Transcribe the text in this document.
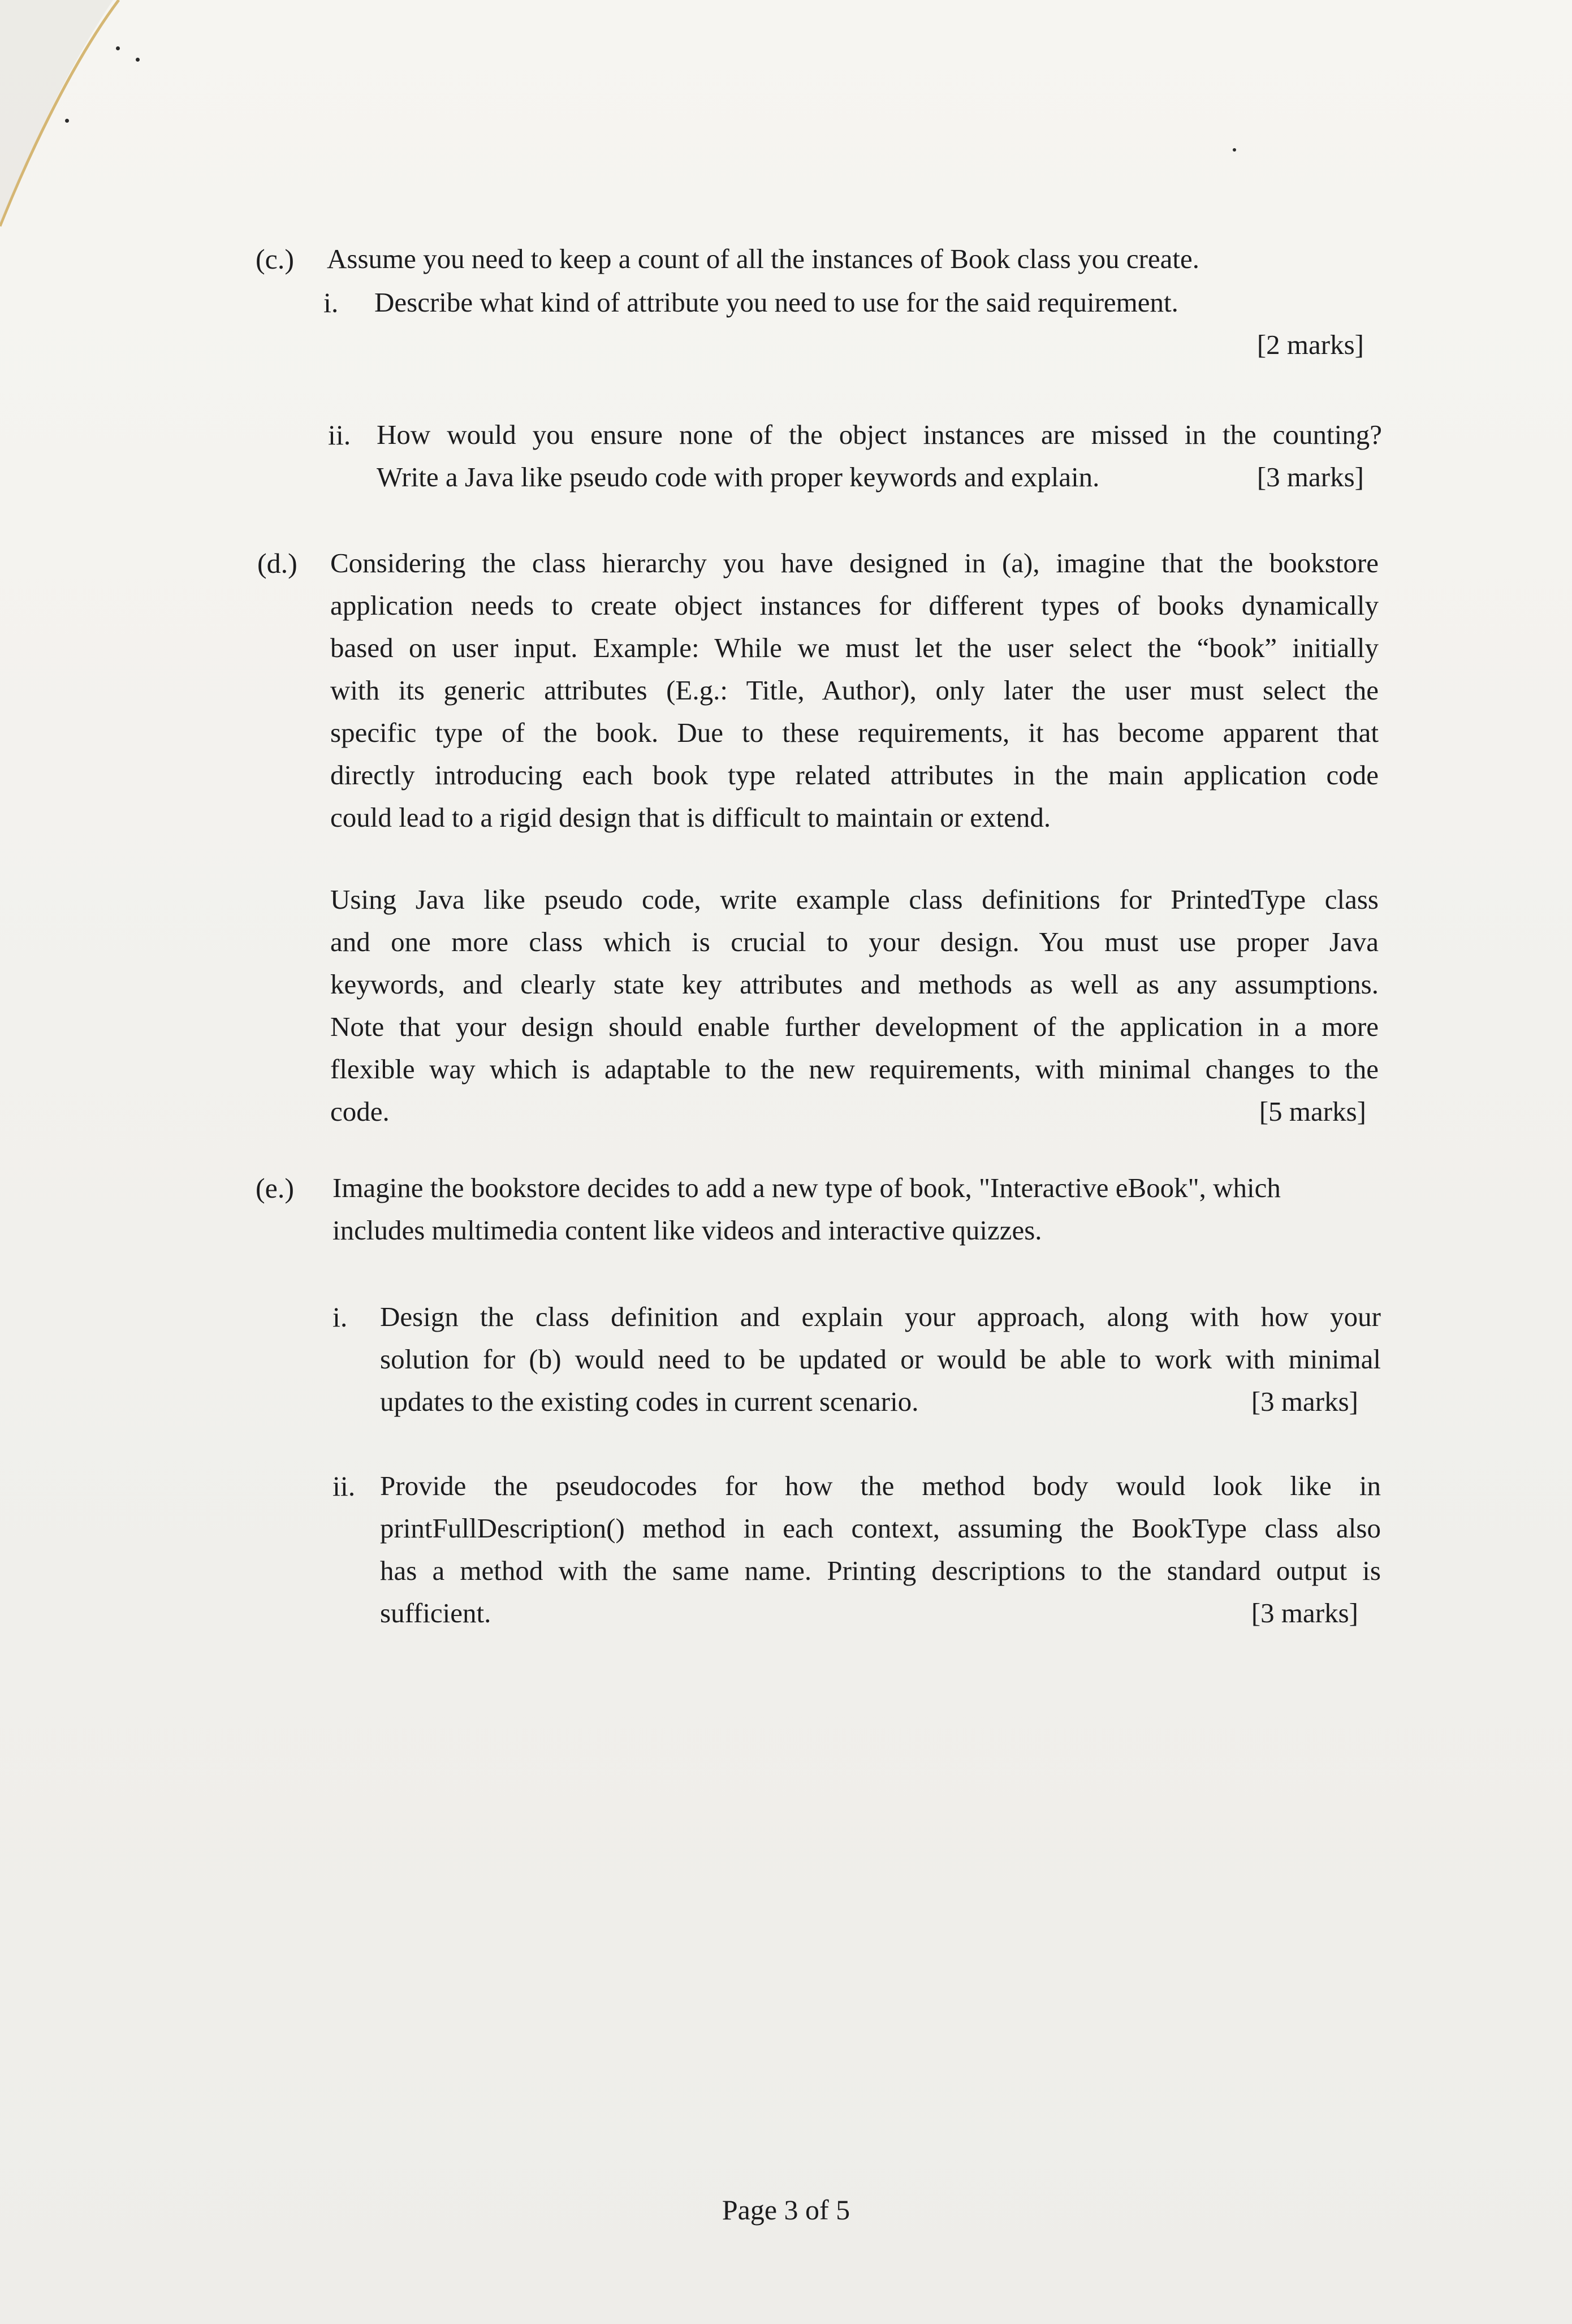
(c.) Assume you need to keep a count of all the instances of Book class you create.
i. Describe what kind of attribute you need to use for the said requirement.
[2 marks]
ii. How would you ensure none of the object instances are missed in the counting?
Write a Java like pseudo code with proper keywords and explain.	[3 marks]
(d.) Considering the class hierarchy you have designed in (a), imagine that the bookstore
application needs to create object instances for different types of books dynamically
based on user input. Example: While we must let the user select the “book” initially
with its generic attributes (E.g.: Title, Author), only later the user must select the
specific type of the book. Due to these requirements, it has become apparent that
directly introducing each book type related attributes in the main application code
could lead to a rigid design that is difficult to maintain or extend.
Using Java like pseudo code, write example class definitions for PrintedType class
and one more class which is crucial to your design. You must use proper Java
keywords, and clearly state key attributes and methods as well as any assumptions.
Note that your design should enable further development of the application in a more
flexible way which is adaptable to the new requirements, with minimal changes to the
code.	[5 marks]
(e.) Imagine the bookstore decides to add a new type of book, "Interactive eBook", which
includes multimedia content like videos and interactive quizzes.
i. Design the class definition and explain your approach, along with how your
solution for (b) would need to be updated or would be able to work with minimal
updates to the existing codes in current scenario.	[3 marks]
ii. Provide the pseudocodes for how the method body would look like in
printFullDescription() method in each context, assuming the BookType class also
has a method with the same name. Printing descriptions to the standard output is
sufficient.	[3 marks]
Page 3 of 5
